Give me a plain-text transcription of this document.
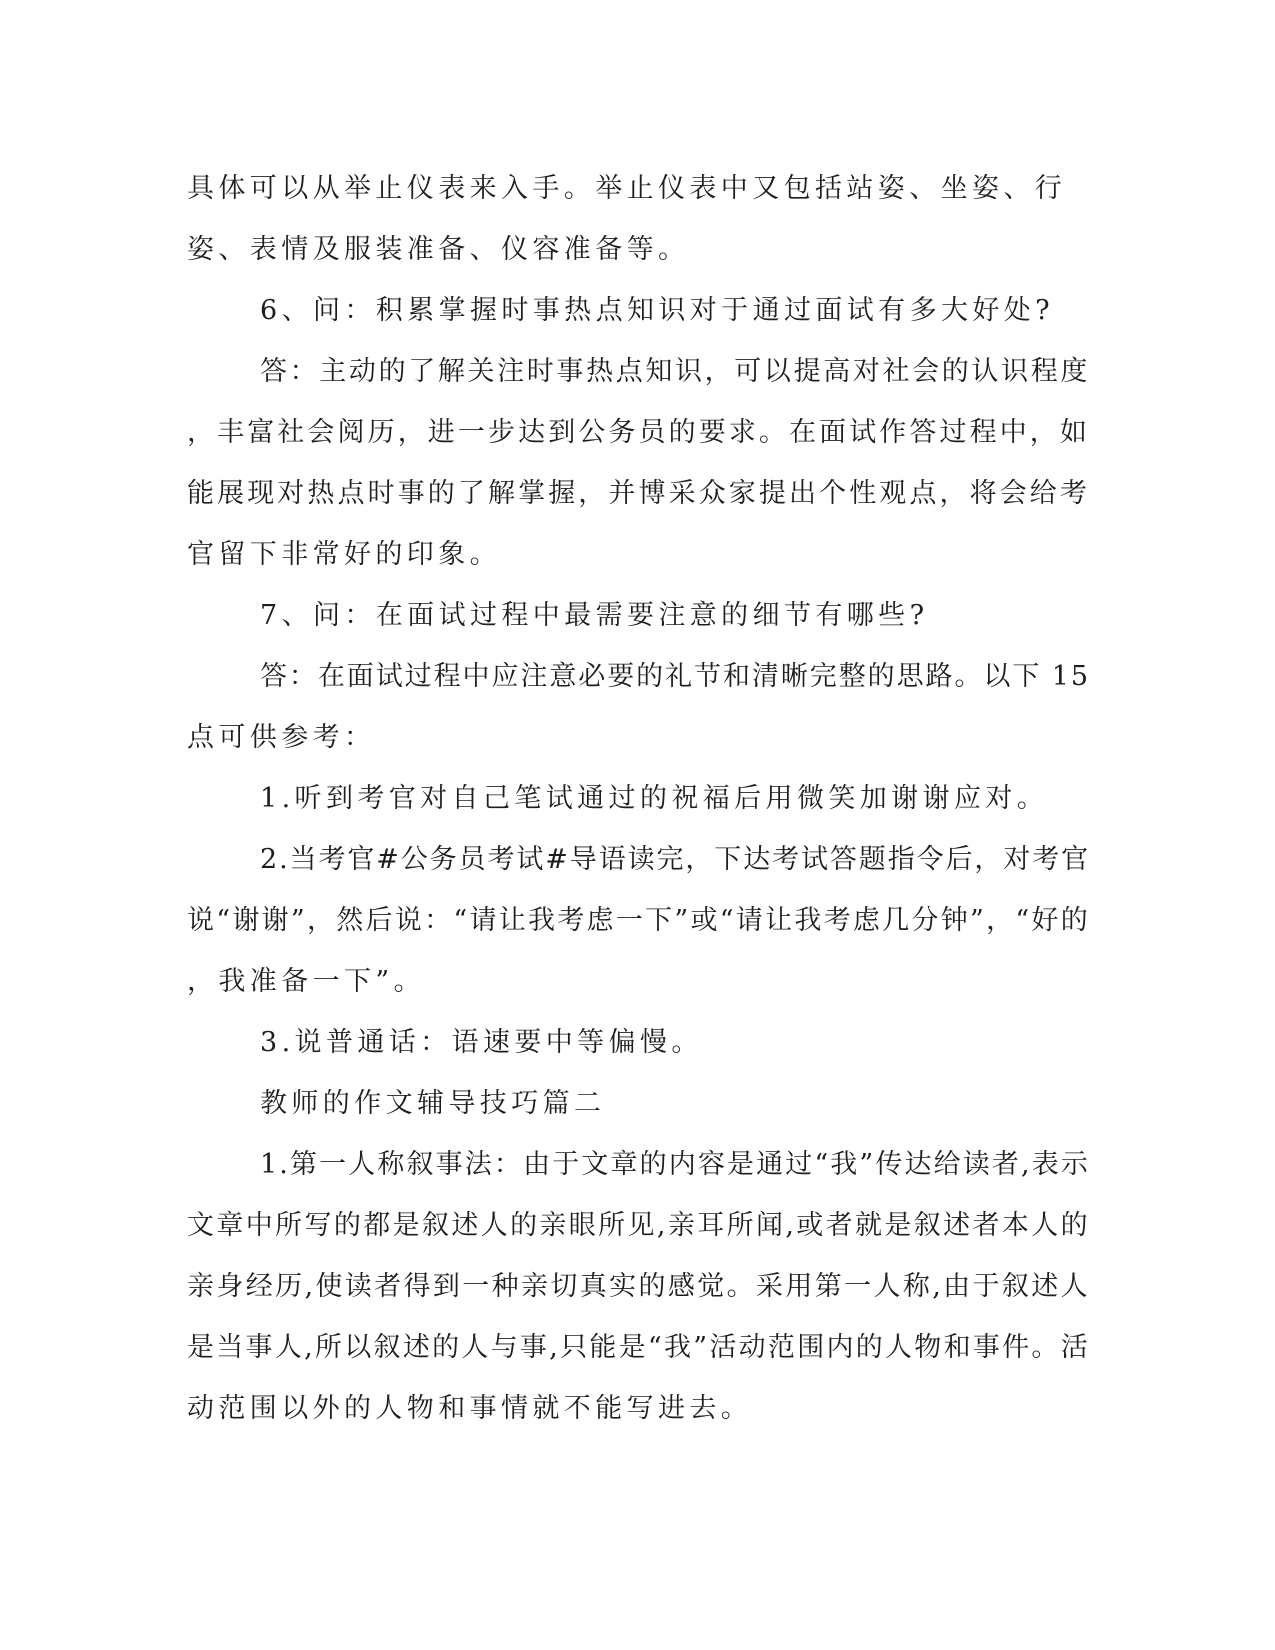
具体可以从举止仪表来入手。举止仪表中又包括站姿、坐姿、行
姿、表情及服装准备、仪容准备等。
6、问：积累掌握时事热点知识对于通过面试有多大好处?
答：主动的了解关注时事热点知识，可以提高对社会的认识程度
，丰富社会阅历，进一步达到公务员的要求。在面试作答过程中，如
能展现对热点时事的了解掌握，并博采众家提出个性观点，将会给考
官留下非常好的印象。
7、问：在面试过程中最需要注意的细节有哪些?
答：在面试过程中应注意必要的礼节和清晰完整的思路。以下 15
点可供参考：
1.听到考官对自己笔试通过的祝福后用微笑加谢谢应对。
2.当考官#公务员考试#导语读完，下达考试答题指令后，对考官
说“谢谢”，然后说：“请让我考虑一下”或“请让我考虑几分钟”，“好的
，我准备一下”。
3.说普通话：语速要中等偏慢。
教师的作文辅导技巧篇二
1.第一人称叙事法：由于文章的内容是通过“我”传达给读者,表示
文章中所写的都是叙述人的亲眼所见,亲耳所闻,或者就是叙述者本人的
亲身经历,使读者得到一种亲切真实的感觉。采用第一人称,由于叙述人
是当事人,所以叙述的人与事,只能是“我”活动范围内的人物和事件。活
动范围以外的人物和事情就不能写进去。
